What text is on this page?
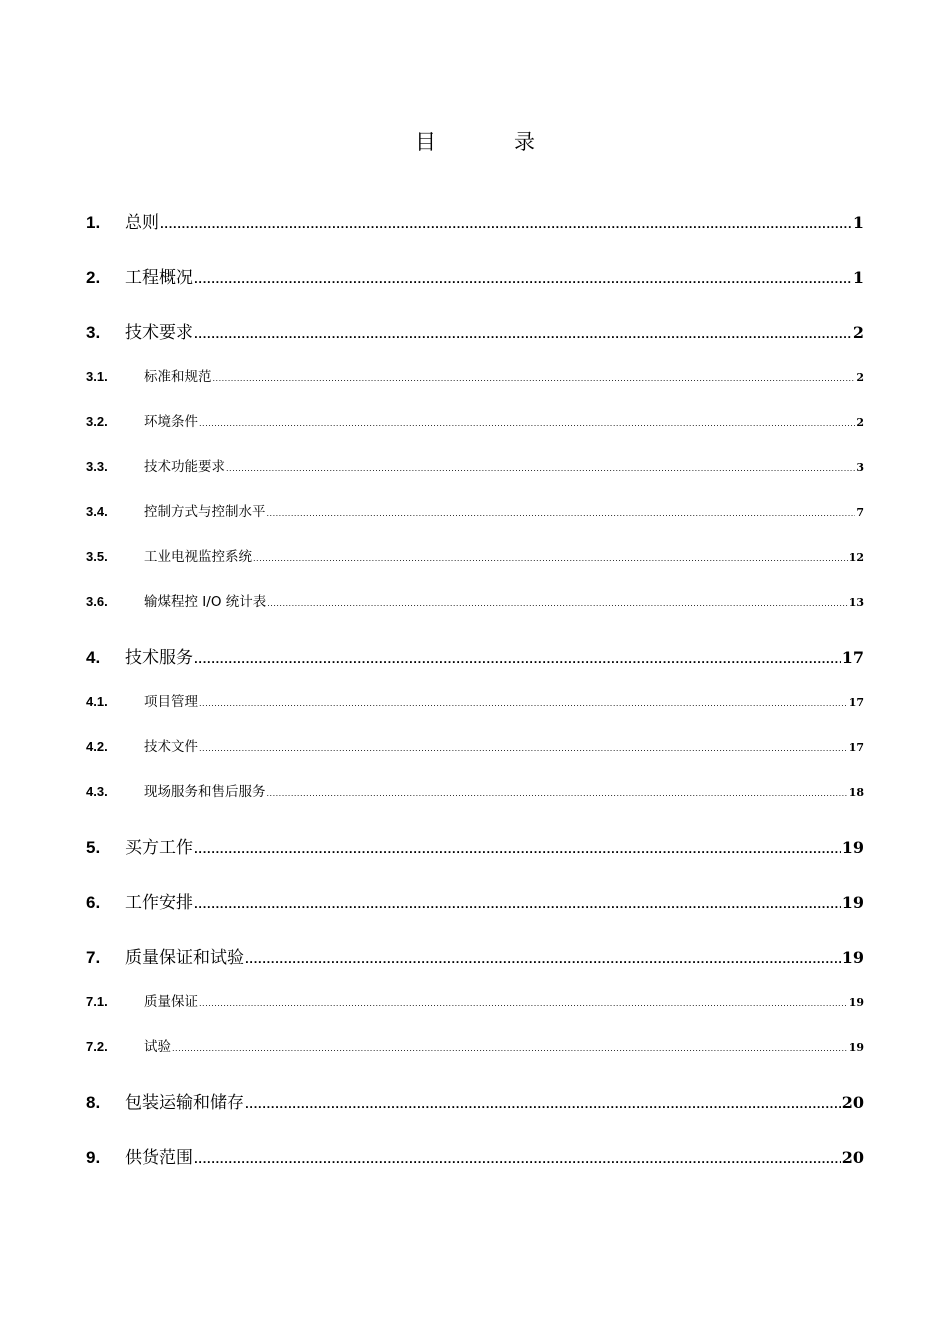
目	录
1.	总则 .....	1
2.	工程概况 .....	1
3.	技术要求 .....	2
3.1.	标准和规范 .....	2
3.2.	环境条件 .....	2
3.3.	技术功能要求 .....	3
3.4.	控制方式与控制水平 .....	7
3.5.	工业电视监控系统 .....	12
3.6.	输煤程控 I/O 统计表 .....	13
4.	技术服务 .....	17
4.1.	项目管理 .....	17
4.2.	技术文件 .....	17
4.3.	现场服务和售后服务 .....	18
5.	买方工作 .....	19
6.	工作安排 .....	19
7.	质量保证和试验 .....	19
7.1.	质量保证 .....	19
7.2.	试验 .....	19
8.	包装运输和储存 .....	20
9.	供货范围 .....	20
